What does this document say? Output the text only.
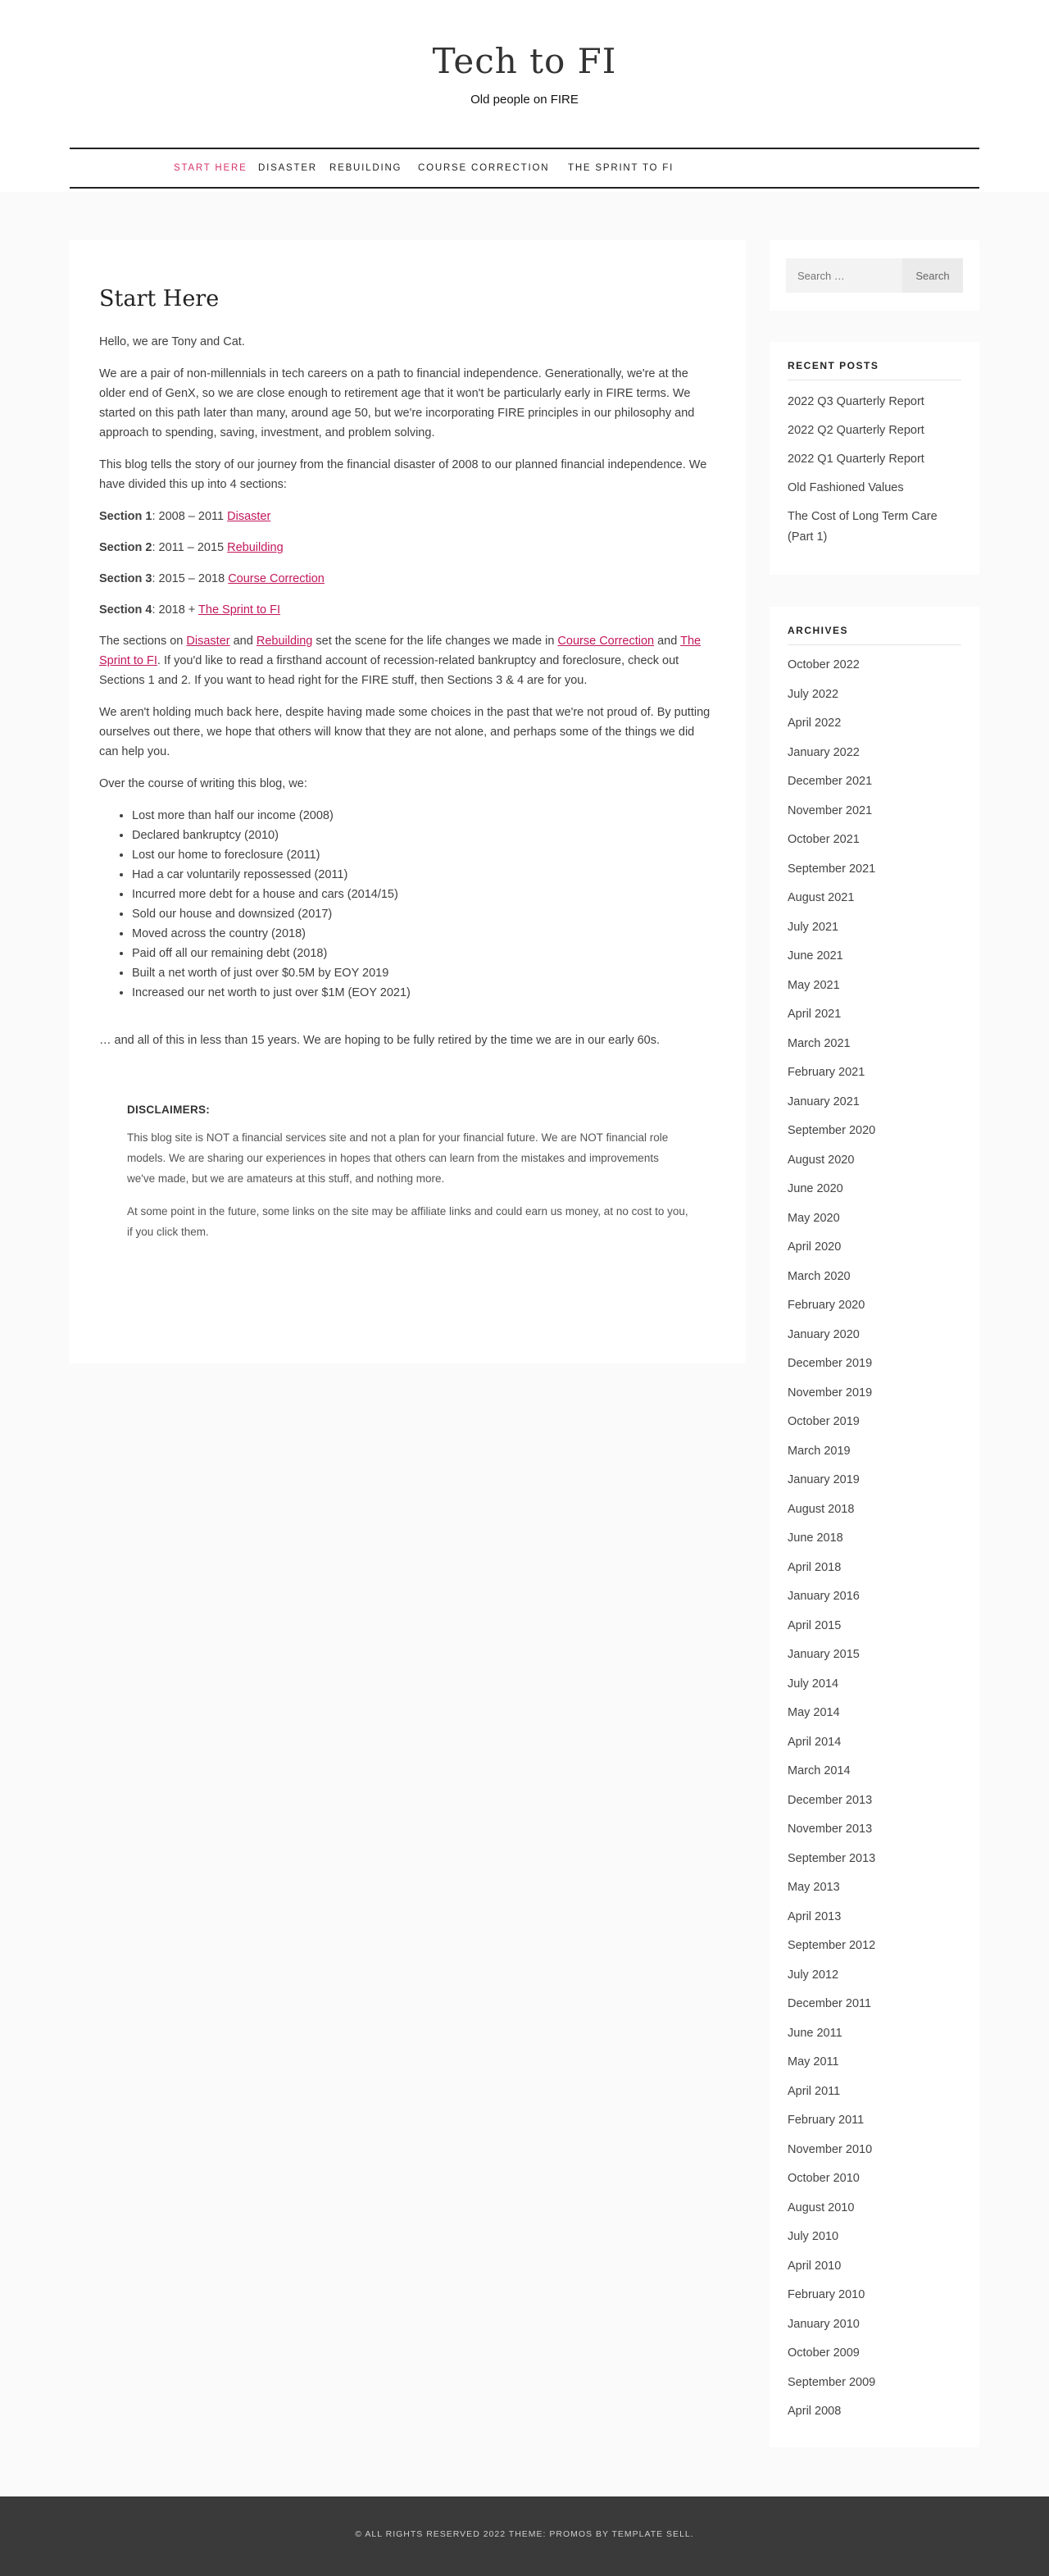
Tech to FI
Old people on FIRE
START HERE DISASTER REBUILDING COURSE CORRECTION THE SPRINT TO FI
Start Here

Hello, we are Tony and Cat.

We are a pair of non-millennials in tech careers on a path to financial independence. Generationally, we're at the older end of GenX, so we are close enough to retirement age that it won't be particularly early in FIRE terms. We started on this path later than many, around age 50, but we're incorporating FIRE principles in our philosophy and approach to spending, saving, investment, and problem solving.

This blog tells the story of our journey from the financial disaster of 2008 to our planned financial independence. We have divided this up into 4 sections:

Section 1: 2008 – 2011 Disaster

Section 2: 2011 – 2015 Rebuilding

Section 3: 2015 – 2018 Course Correction

Section 4: 2018 + The Sprint to FI

The sections on Disaster and Rebuilding set the scene for the life changes we made in Course Correction and The Sprint to FI. If you'd like to read a firsthand account of recession-related bankruptcy and foreclosure, check out Sections 1 and 2. If you want to head right for the FIRE stuff, then Sections 3 & 4 are for you.

We aren't holding much back here, despite having made some choices in the past that we're not proud of. By putting ourselves out there, we hope that others will know that they are not alone, and perhaps some of the things we did can help you.

Over the course of writing this blog, we:

• Lost more than half our income (2008)
• Declared bankruptcy (2010)
• Lost our home to foreclosure (2011)
• Had a car voluntarily repossessed (2011)
• Incurred more debt for a house and cars (2014/15)
• Sold our house and downsized (2017)
• Moved across the country (2018)
• Paid off all our remaining debt (2018)
• Built a net worth of just over $0.5M by EOY 2019
• Increased our net worth to just over $1M (EOY 2021)

… and all of this in less than 15 years. We are hoping to be fully retired by the time we are in our early 60s.

DISCLAIMERS:

This blog site is NOT a financial services site and not a plan for your financial future. We are NOT financial role models. We are sharing our experiences in hopes that others can learn from the mistakes and improvements we've made, but we are amateurs at this stuff, and nothing more.

At some point in the future, some links on the site may be affiliate links and could earn us money, at no cost to you, if you click them.

Search …
Search
RECENT POSTS
2022 Q3 Quarterly Report
2022 Q2 Quarterly Report
2022 Q1 Quarterly Report
Old Fashioned Values
The Cost of Long Term Care (Part 1)
ARCHIVES
October 2022
July 2022
April 2022
January 2022
December 2021
November 2021
October 2021
September 2021
August 2021
July 2021
June 2021
May 2021
April 2021
March 2021
February 2021
January 2021
September 2020
August 2020
June 2020
May 2020
April 2020
March 2020
February 2020
January 2020
December 2019
November 2019
October 2019
March 2019
January 2019
August 2018
June 2018
April 2018
January 2016
April 2015
January 2015
July 2014
May 2014
April 2014
March 2014
December 2013
November 2013
September 2013
May 2013
April 2013
September 2012
July 2012
December 2011
June 2011
May 2011
April 2011
February 2011
November 2010
October 2010
August 2010
July 2010
April 2010
February 2010
January 2010
October 2009
September 2009
April 2008
© ALL RIGHTS RESERVED 2022 THEME: PROMOS BY TEMPLATE SELL.
